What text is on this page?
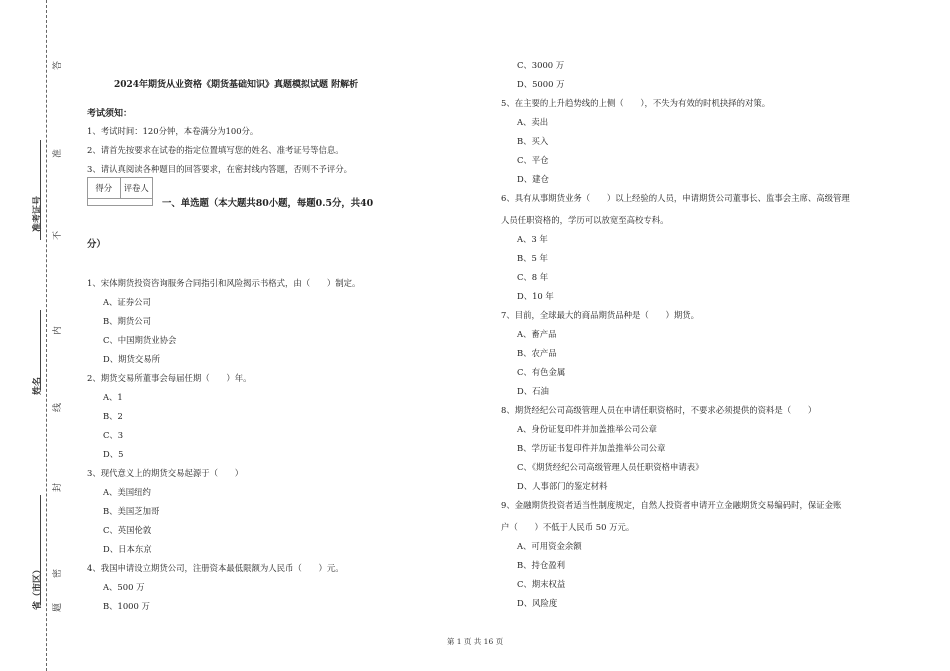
准考证号
姓名
省（市区）
答
准
不
内
线
封
密
题
2024年期货从业资格《期货基础知识》真题模拟试题 附解析
考试须知：
1、考试时间：120分钟，本卷满分为100分。
2、请首先按要求在试卷的指定位置填写您的姓名、准考证号等信息。
3、请认真阅读各种题目的回答要求，在密封线内答题，否则不予评分。
得分	评卷人
一、单选题（本大题共80小题，每题0.5分，共40
分）
1、宋体期货投资咨询服务合同指引和风险揭示书格式，由（　　）制定。
A、证券公司
B、期货公司
C、中国期货业协会
D、期货交易所
2、期货交易所董事会每届任期（　　）年。
A、1
B、2
C、3
D、5
3、现代意义上的期货交易起源于（　　）
A、美国纽约
B、美国芝加哥
C、英国伦敦
D、日本东京
4、我国申请设立期货公司，注册资本最低限额为人民币（　　）元。
A、500 万
B、1000 万
C、3000 万
D、5000 万
5、在主要的上升趋势线的上侧（　　），不失为有效的时机抉择的对策。
A、卖出
B、买入
C、平仓
D、建仓
6、具有从事期货业务（　　）以上经验的人员，申请期货公司董事长、监事会主席、高级管理
人员任职资格的，学历可以放宽至高校专科。
A、3 年
B、5 年
C、8 年
D、10 年
7、目前，全球最大的商品期货品种是（　　）期货。
A、畜产品
B、农产品
C、有色金属
D、石油
8、期货经纪公司高级管理人员在申请任职资格时，不要求必须提供的资料是（　　）
A、身份证复印件并加盖推举公司公章
B、学历证书复印件并加盖推举公司公章
C、《期货经纪公司高级管理人员任职资格申请表》
D、人事部门的鉴定材料
9、金融期货投资者适当性制度规定，自然人投资者申请开立金融期货交易编码时，保证金账
户（　　）不低于人民币 50 万元。
A、可用资金余额
B、持仓盈利
C、期末权益
D、风险度
第 1 页 共 16 页
